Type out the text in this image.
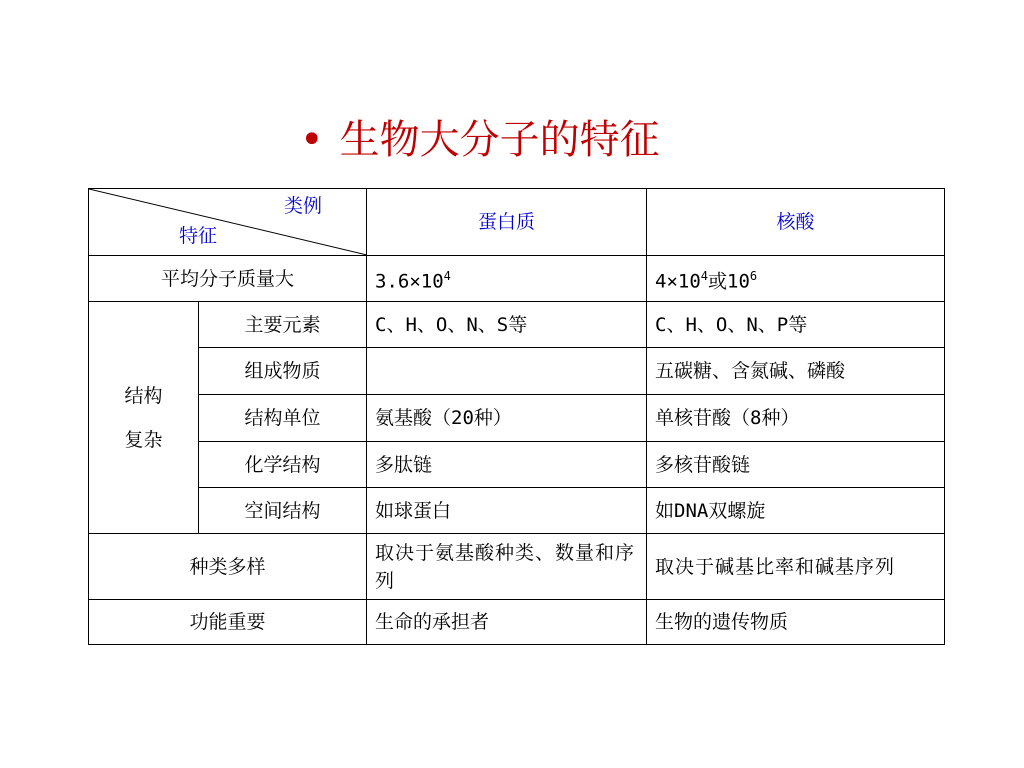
• 生物大分子的特征
类例
特征		蛋白质	核酸
平均分子质量大		$3.6\times 10^4$	$4\times 10^4$或$10^6$

结构
复杂	主要元素	C、H、O、N、S等	C、H、O、N、P等
	组成物质		五碳糖、含氮碱、磷酸
	结构单位	氨基酸（20种）	单核苷酸（8种）
	化学结构	多肽链	多核苷酸链
	空间结构	如球蛋白	如DNA双螺旋
种类多样		取决于氨基酸种类、数量和序列	取决于碱基比率和碱基序列
功能重要		生命的承担者	生物的遗传物质
